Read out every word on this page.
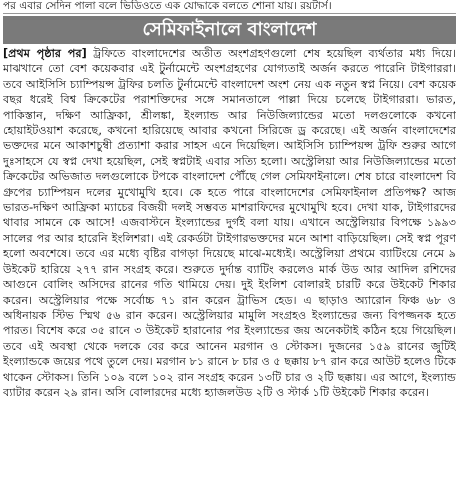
পর এবার সেদিন পালা বলে ভিডিওতে এক যোদ্ধাকে বলতে শোনা যায়। রয়টার্স।
সেমিফাইনালে বাংলাদেশ
[প্রথম পৃষ্ঠার পর] ট্রফিতে বাংলাদেশের অতীত অংশগ্রহণগুলো শেষ হয়েছিল ব্যর্থতার মধ্য দিয়ে। মাঝখানে তো বেশ কয়েকবার এই টুর্নামেন্টে অংশগ্রহণের যোগ্যতাই অর্জন করতে পারেনি টাইগাররা। তবে আইসিসি চ্যাম্পিয়ন্স ট্রফির চলতি টুর্নামেন্টে বাংলাদেশ অংশ নেয় এক নতুন স্বপ্ন নিয়ে। বেশ কয়েক বছর ধরেই বিশ্ব ক্রিকেটের পরাশক্তিদের সঙ্গে সমানতালে পাল্লা দিয়ে চলেছে টাইগাররা। ভারত, পাকিস্তান, দক্ষিণ আফ্রিকা, শ্রীলঙ্কা, ইংল্যান্ড আর নিউজিল্যান্ডের মতো দলগুলোকে কখনো হোয়াইটওয়াশ করেছে, কখনো হারিয়েছে আবার কখনো সিরিজে ড্র করেছে। এই অর্জন বাংলাদেশের ভক্তদের মনে আকাশচুম্বী প্রত্যাশা করার সাহস এনে দিয়েছিল। আইসিসি চ্যাম্পিয়ন্স ট্রফি শুরুর আগে দুঃসাহসে যে স্বপ্ন দেখা হয়েছিল, সেই স্বপ্নটাই এবার সত্যি হলো। অস্ট্রেলিয়া আর নিউজিল্যান্ডের মতো ক্রিকেটের অভিজাত দলগুলোকে টপকে বাংলাদেশ পৌঁছে গেল সেমিফাইনালে। শেষ চারে বাংলাদেশ বি গ্রুপের চ্যাম্পিয়ন দলের মুখোমুখি হবে। কে হতে পারে বাংলাদেশের সেমিফাইনাল প্রতিপক্ষ? আজ ভারত-দক্ষিণ আফ্রিকা ম্যাচের বিজয়ী দলই সম্ভবত মাশরাফিদের মুখোমুখি হবে। দেখা যাক, টাইগারদের থাবার সামনে কে আসে! এজবাস্টনে ইংল্যান্ডের দুর্গই বলা যায়। এখানে অস্ট্রেলিয়ার বিপক্ষে ১৯৯৩ সালের পর আর হারেনি ইংলিশরা। এই রেকর্ডটা টাইগারভক্তদের মনে আশা বাড়িয়েছিল। সেই স্বপ্ন পূরণ হলো অবশেষে। তবে এর মধ্যে বৃষ্টির বাগড়া দিয়েছে মাঝে-মধ্যেই। অস্ট্রেলিয়া প্রথমে ব্যাটিংয়ে নেমে ৯ উইকেট হারিয়ে ২৭৭ রান সংগ্রহ করে। শুরুতে দুর্দান্ত ব্যাটিং করলেও মার্ক উড আর আদিল রশিদের আগুনে বোলিং অসিদের রানের গতি থামিয়ে দেয়। দুই ইংলিশ বোলারই চারটি করে উইকেট শিকার করেন। অস্ট্রেলিয়ার পক্ষে সর্বোচ্চ ৭১ রান করেন ট্রাভিস হেড। এ ছাড়াও অ্যারোন ফিঞ্চ ৬৮ ও অধিনায়ক স্টিভ স্মিথ ৫৬ রান করেন। অস্ট্রেলিয়ার মামুলি সংগ্রহও ইংল্যান্ডের জন্য বিপজ্জনক হতে পারত। বিশেষ করে ৩৫ রানে ৩ উইকেট হারানোর পর ইংল্যান্ডের জয় অনেকটাই কঠিন হয়ে গিয়েছিল। তবে এই অবস্থা থেকে দলকে বের করে আনেন মরগান ও স্টোকস। দুজনের ১৫৯ রানের জুটিই ইংল্যান্ডকে জয়ের পথে তুলে দেয়। মরগান ৮১ রানে ৮ চার ও ৫ ছক্কায় ৮৭ রান করে আউট হলেও টিকে থাকেন স্টোকস। তিনি ১০৯ বলে ১০২ রান সংগ্রহ করেন ১৩টি চার ও ২টি ছক্কায়। এর আগে, ইংল্যান্ড ব্যাটার করেন ২৯ রান। অসি বোলারদের মধ্যে হ্যাজলউড ২টি ও স্টার্ক ১টি উইকেট শিকার করেন।
